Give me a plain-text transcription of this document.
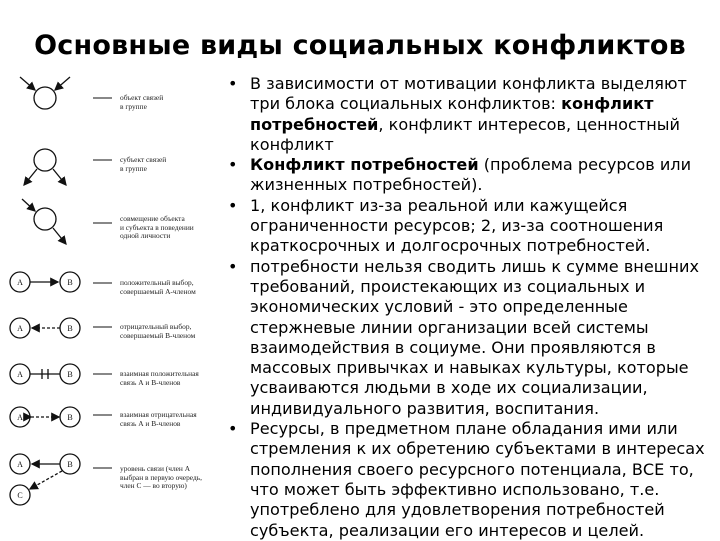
Основные виды социальных конфликтов
A	B
A	B
A	B
A	B
A	B
C
объект связей
в группе
субъект связей
в группе
совмещение объекта
и субъекта в поведении
одной личности
положительный выбор,
совершаемый А-членом
отрицательный выбор,
совершаемый В-членом
взаимная положительная
связь А и В-членов
взаимная отрицательная
связь А и В-членов
уровень связи (член А
выбран в первую очередь,
член С — во вторую)
• В зависимости от мотивации конфликта выделяют три блока социальных конфликтов: конфликт потребностей, конфликт интересов, ценностный конфликт
• Конфликт потребностей (проблема ресурсов или жизненных потребностей).
• 1, конфликт из-за реальной или кажущейся ограниченности ресурсов; 2, из-за соотношения краткосрочных и долгосрочных потребностей.
• потребности нельзя сводить лишь к сумме внешних требований, проистекающих из социальных и экономических условий - это определенные стержневые линии организации всей системы взаимодействия в социуме. Они проявляются в массовых привычках и навыках культуры, которые усваиваются людьми в ходе их социализации, индивидуального развития, воспитания.
• Ресурсы, в предметном плане обладания ими или стремления к их обретению субъектами в интересах пополнения своего ресурсного потенциала, ВСЕ то, что может быть эффективно использовано, т.е. употреблено для удовлетворения потребностей субъекта, реализации его интересов и целей.
